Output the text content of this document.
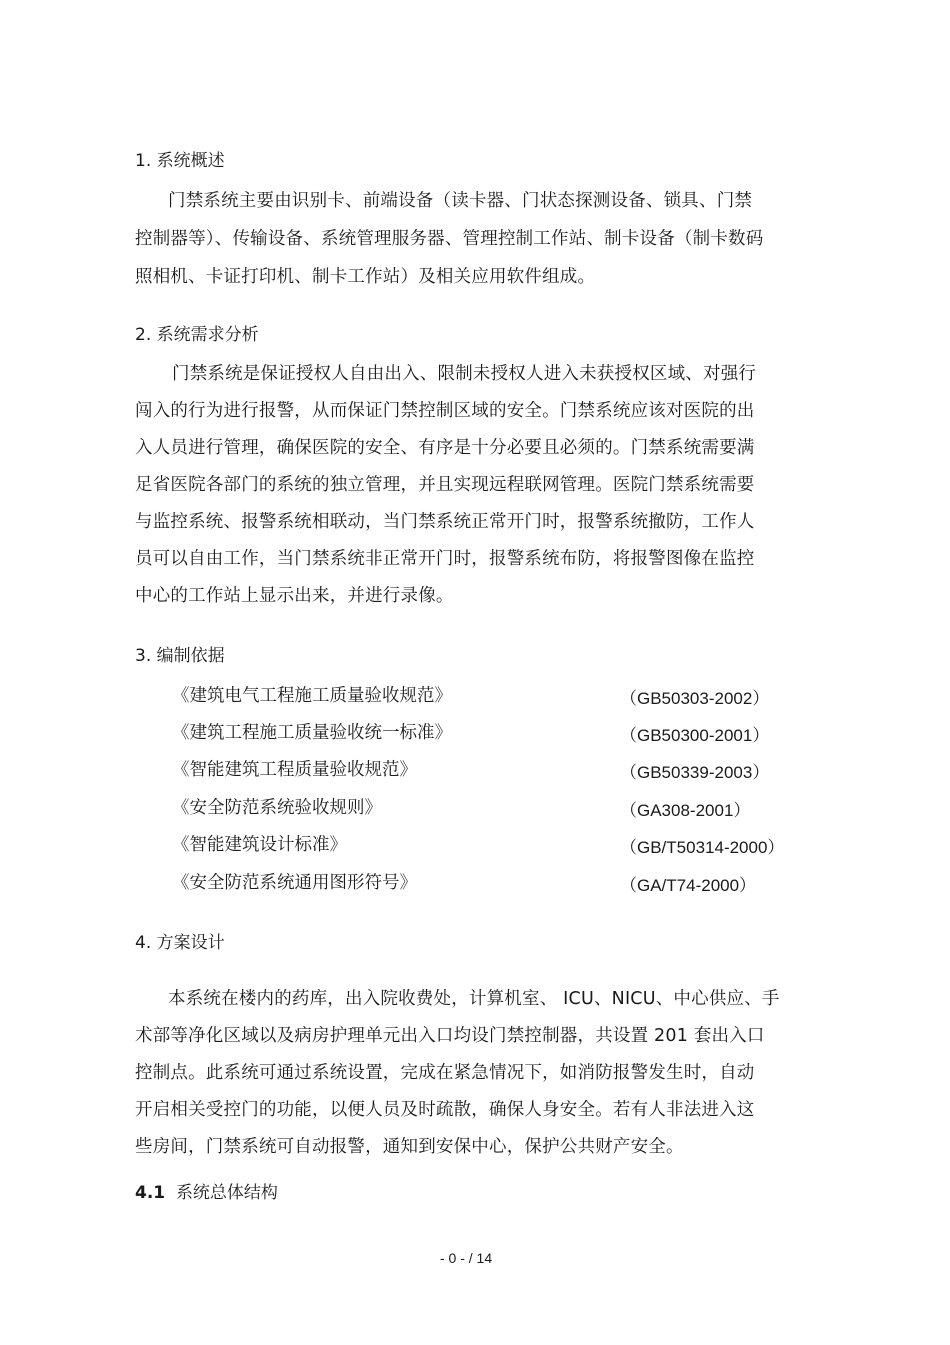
1. 系统概述
门禁系统主要由识别卡、前端设备（读卡器、门状态探测设备、锁具、门禁
控制器等）、传输设备、系统管理服务器、管理控制工作站、制卡设备（制卡数码
照相机、卡证打印机、制卡工作站）及相关应用软件组成。
2. 系统需求分析
门禁系统是保证授权人自由出入、限制未授权人进入未获授权区域、对强行
闯入的行为进行报警，从而保证门禁控制区域的安全。门禁系统应该对医院的出
入人员进行管理，确保医院的安全、有序是十分必要且必须的。门禁系统需要满
足省医院各部门的系统的独立管理，并且实现远程联网管理。医院门禁系统需要
与监控系统、报警系统相联动，当门禁系统正常开门时，报警系统撤防，工作人
员可以自由工作，当门禁系统非正常开门时，报警系统布防，将报警图像在监控
中心的工作站上显示出来，并进行录像。
3. 编制依据
《建筑电气工程施工质量验收规范》	（GB50303-2002）
《建筑工程施工质量验收统一标准》	（GB50300-2001）
《智能建筑工程质量验收规范》	（GB50339-2003）
《安全防范系统验收规则》	（GA308-2001）
《智能建筑设计标准》	（GB/T50314-2000）
《安全防范系统通用图形符号》	（GA/T74-2000）
4. 方案设计
本系统在楼内的药库，出入院收费处，计算机室、 ICU、NICU、中心供应、手
术部等净化区域以及病房护理单元出入口均设门禁控制器，共设置 201 套出入口
控制点。此系统可通过系统设置，完成在紧急情况下，如消防报警发生时，自动
开启相关受控门的功能，以便人员及时疏散，确保人身安全。若有人非法进入这
些房间，门禁系统可自动报警，通知到安保中心，保护公共财产安全。
4.1 系统总体结构
- 0 - / 14
